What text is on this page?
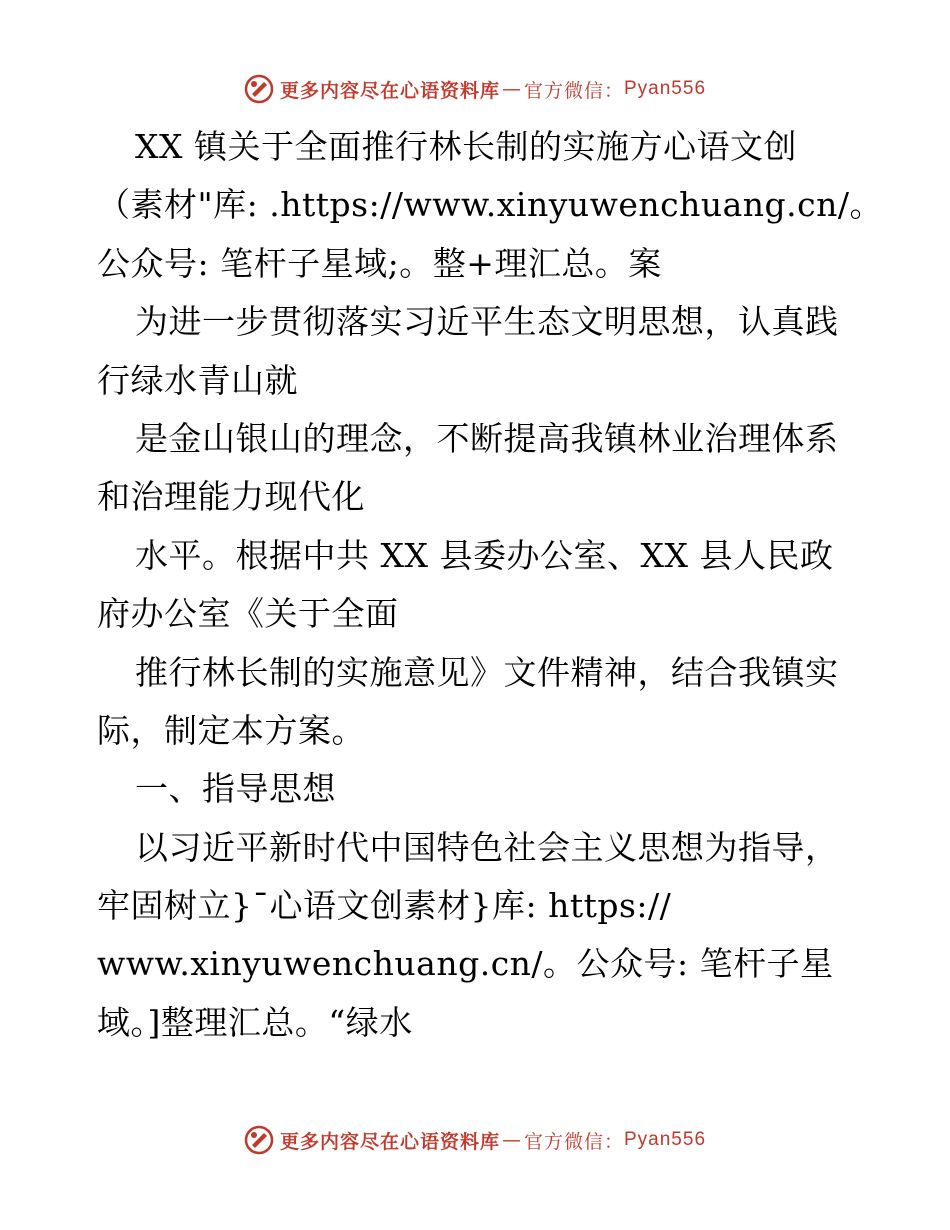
更多内容尽在心语资料库 — 官方微信： Pyan556
XX 镇关于全面推行林长制的实施方心语文创
（素材"库: .https://www.xinyuwenchuang.cn/。
公众号: 笔杆子星域;。整+理汇总。案
为进一步贯彻落实习近平生态文明思想，认真践
行绿水青山就
是金山银山的理念，不断提高我镇林业治理体系
和治理能力现代化
水平。根据中共 XX 县委办公室、XX 县人民政
府办公室《关于全面
推行林长制的实施意见》文件精神，结合我镇实
际，制定本方案。
一、指导思想
以习近平新时代中国特色社会主义思想为指导，
牢固树立}¯心语文创素材}库: https://
www.xinyuwenchuang.cn/。公众号: 笔杆子星
域。]整理汇总。“绿水
更多内容尽在心语资料库 — 官方微信： Pyan556
